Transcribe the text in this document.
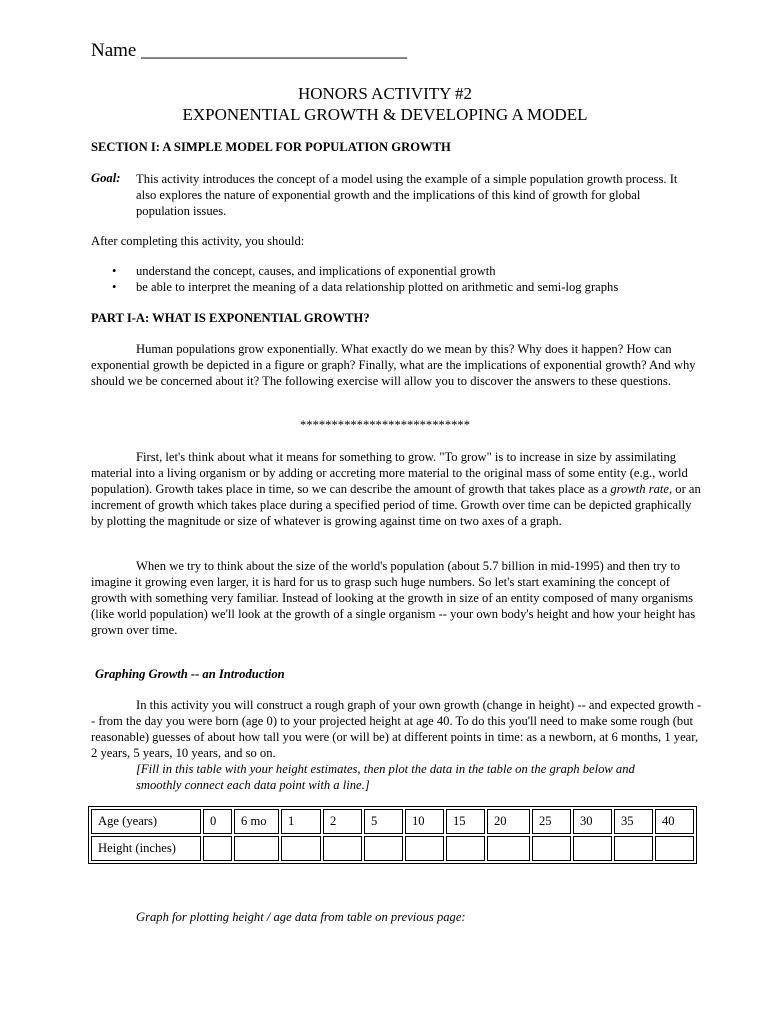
Name ____________________________
HONORS ACTIVITY #2
EXPONENTIAL GROWTH & DEVELOPING A MODEL
SECTION I: A SIMPLE MODEL FOR POPULATION GROWTH
Goal: This activity introduces the concept of a model using the example of a simple population growth process. It also explores the nature of exponential growth and the implications of this kind of growth for global population issues.
After completing this activity, you should:
• understand the concept, causes, and implications of exponential growth
• be able to interpret the meaning of a data relationship plotted on arithmetic and semi-log graphs
PART I-A: WHAT IS EXPONENTIAL GROWTH?
Human populations grow exponentially. What exactly do we mean by this? Why does it happen? How can exponential growth be depicted in a figure or graph? Finally, what are the implications of exponential growth? And why should we be concerned about it? The following exercise will allow you to discover the answers to these questions.
***************************
First, let's think about what it means for something to grow. "To grow" is to increase in size by assimilating material into a living organism or by adding or accreting more material to the original mass of some entity (e.g., world population). Growth takes place in time, so we can describe the amount of growth that takes place as a growth rate, or an increment of growth which takes place during a specified period of time. Growth over time can be depicted graphically by plotting the magnitude or size of whatever is growing against time on two axes of a graph.
When we try to think about the size of the world's population (about 5.7 billion in mid-1995) and then try to imagine it growing even larger, it is hard for us to grasp such huge numbers. So let's start examining the concept of growth with something very familiar. Instead of looking at the growth in size of an entity composed of many organisms (like world population) we'll look at the growth of a single organism -- your own body's height and how your height has grown over time.
Graphing Growth -- an Introduction
In this activity you will construct a rough graph of your own growth (change in height) -- and expected growth -- from the day you were born (age 0) to your projected height at age 40. To do this you'll need to make some rough (but reasonable) guesses of about how tall you were (or will be) at different points in time: as a newborn, at 6 months, 1 year, 2 years, 5 years, 10 years, and so on.
[Fill in this table with your height estimates, then plot the data in the table on the graph below and smoothly connect each data point with a line.]
Age (years)	0	6 mo	1	2	5	10	15	20	25	30	35	40
Height (inches)												
Graph for plotting height / age data from table on previous page:
